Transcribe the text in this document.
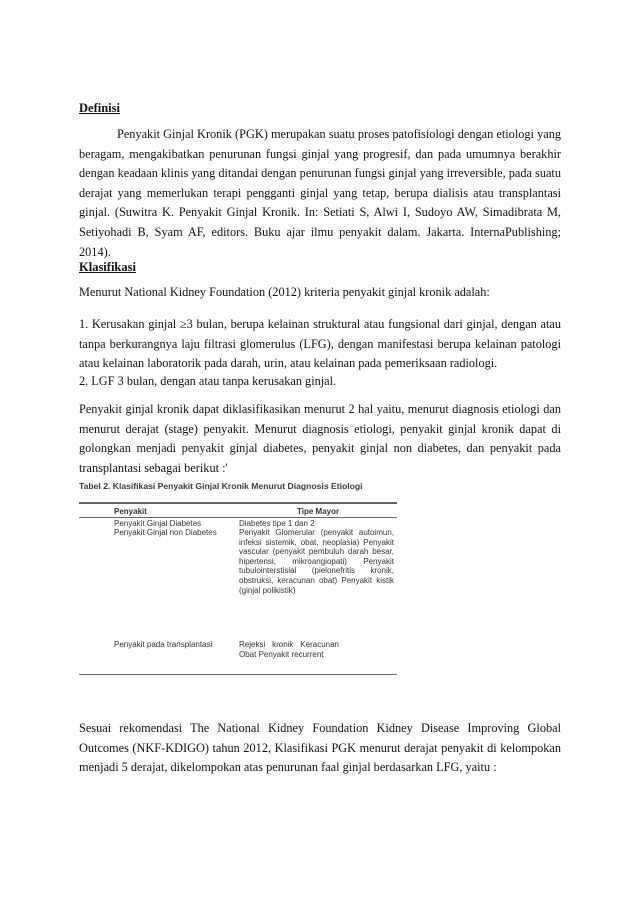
Definisi

Penyakit Ginjal Kronik (PGK) merupakan suatu proses patofisiologi dengan etiologi yang beragam, mengakibatkan penurunan fungsi ginjal yang progresif, dan pada umumnya berakhir dengan keadaan klinis yang ditandai dengan penurunan fungsi ginjal yang irreversible, pada suatu derajat yang memerlukan terapi pengganti ginjal yang tetap, berupa dialisis atau transplantasi ginjal. (Suwitra K. Penyakit Ginjal Kronik. In: Setiati S, Alwi I, Sudoyo AW, Simadibrata M, Setiyohadi B, Syam AF, editors. Buku ajar ilmu penyakit dalam. Jakarta. InternaPublishing; 2014).

Klasifikasi

Menurut National Kidney Foundation (2012) kriteria penyakit ginjal kronik adalah:

1. Kerusakan ginjal ≥3 bulan, berupa kelainan struktural atau fungsional dari ginjal, dengan atau tanpa berkurangnya laju filtrasi glomerulus (LFG), dengan manifestasi berupa kelainan patologi atau kelainan laboratorik pada darah, urin, atau kelainan pada pemeriksaan radiologi.

2. LGF 3 bulan, dengan atau tanpa kerusakan ginjal.

Penyakit ginjal kronik dapat diklasifikasikan menurut 2 hal yaitu, menurut diagnosis etiologi dan menurut derajat (stage) penyakit. Menurut diagnosis etiologi, penyakit ginjal kronik dapat di golongkan menjadi penyakit ginjal diabetes, penyakit ginjal non diabetes, dan penyakit pada transplantasi sebagai berikut :'

Tabel 2. Klasifikasi Penyakit Ginjal Kronik Menurut Diagnosis Etiologi
Penyakit	Tipe Mayor
Penyakit Ginjal Diabetes	Diabetes tipe 1 dan 2
Penyakit Ginjal non Diabetes	Penyakit Glomerular (penyakit autoimun, infeksi sistemik, obat, neoplasia) Penyakit vascular (penyakit pembuluh darah besar, hipertensi, mikroangiopati) Penyakit tubulointerstisial (pielonefritis kronik, obstruksi, keracunan obat) Penyakit kistik (ginjal polikistik)
Penyakit pada transplantasi	Rejeksi kronik Keracunan Obat Penyakit recurrent

Sesuai rekomendasi The National Kidney Foundation Kidney Disease Improving Global Outcomes (NKF-KDIGO) tahun 2012, Klasifikasi PGK menurut derajat penyakit di kelompokan menjadi 5 derajat, dikelompokan atas penurunan faal ginjal berdasarkan LFG, yaitu :
